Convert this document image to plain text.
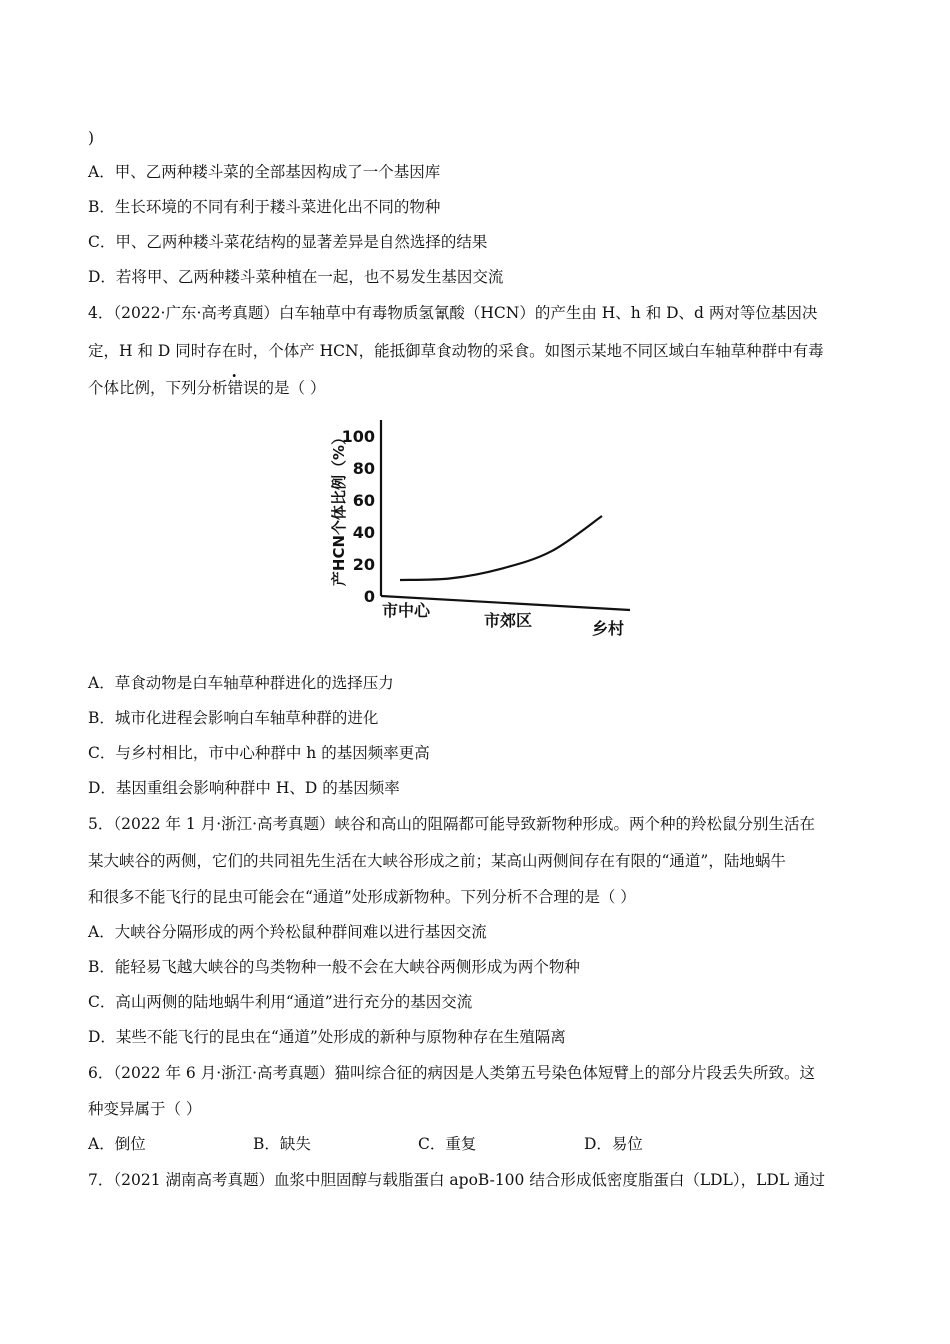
)
A．甲、乙两种耧斗菜的全部基因构成了一个基因库
B．生长环境的不同有利于耧斗菜进化出不同的物种
C．甲、乙两种耧斗菜花结构的显著差异是自然选择的结果
D．若将甲、乙两种耧斗菜种植在一起，也不易发生基因交流
4．（2022·广东·高考真题）白车轴草中有毒物质氢氰酸（HCN）的产生由 H、h 和 D、d 两对等位基因决
定，H 和 D 同时存在时，个体产 HCN，能抵御草食动物的采食。如图示某地不同区域白车轴草种群中有毒
个体比例，下列分析错误的是（ ）
0
20
40
60
80
100
市中心
市郊区	乡村
产HCN个体比例（%）
A．草食动物是白车轴草种群进化的选择压力
B．城市化进程会影响白车轴草种群的进化
C．与乡村相比，市中心种群中 h 的基因频率更高
D．基因重组会影响种群中 H、D 的基因频率
5．（2022 年 1 月·浙江·高考真题）峡谷和高山的阻隔都可能导致新物种形成。两个种的羚松鼠分别生活在
某大峡谷的两侧，它们的共同祖先生活在大峡谷形成之前；某高山两侧间存在有限的“通道”，陆地蜗牛
和很多不能飞行的昆虫可能会在“通道”处形成新物种。下列分析不合理的是（ ）
A．大峡谷分隔形成的两个羚松鼠种群间难以进行基因交流
B．能轻易飞越大峡谷的鸟类物种一般不会在大峡谷两侧形成为两个物种
C．高山两侧的陆地蜗牛利用“通道”进行充分的基因交流
D．某些不能飞行的昆虫在“通道”处形成的新种与原物种存在生殖隔离
6．（2022 年 6 月·浙江·高考真题）猫叫综合征的病因是人类第五号染色体短臂上的部分片段丢失所致。这
种变异属于（ ）
A．倒位	B．缺失	C．重复	D．易位
7．（2021 湖南高考真题）血浆中胆固醇与载脂蛋白 apoB-100 结合形成低密度脂蛋白（LDL），LDL 通过
